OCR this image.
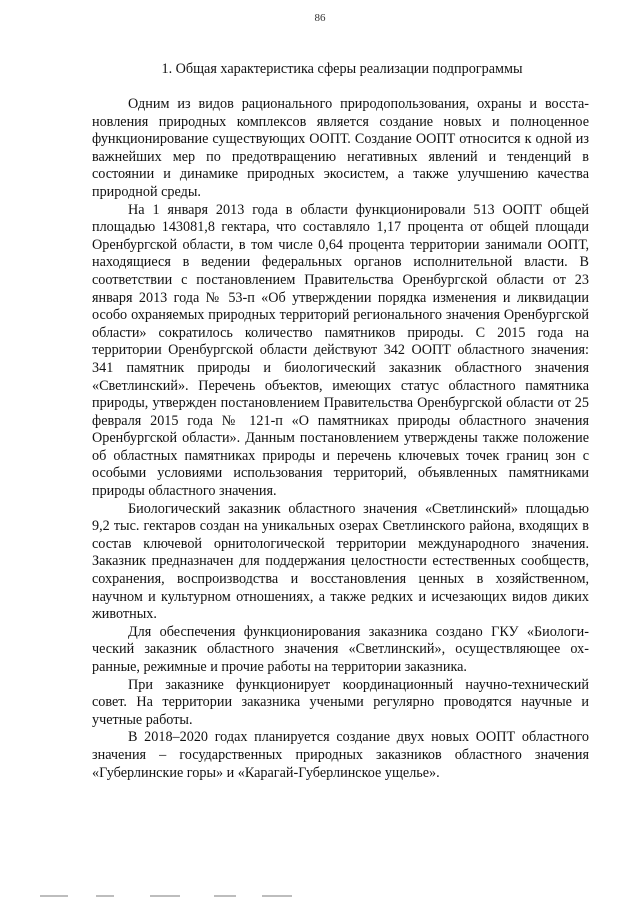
86
1. Общая характеристика сферы реализации подпрограммы

Одним из видов рационального природопользования, охраны и восстановления природных комплексов является создание новых и полноценное функционирование существующих ООПТ. Создание ООПТ относится к одной из важнейших мер по предотвращению негативных явлений и тенденций в состоянии и динамике природных экосистем, а также улучшению качества природной среды.

На 1 января 2013 года в области функционировали 513 ООПТ общей площадью 143081,8 гектара, что составляло 1,17 процента от общей площади Оренбургской области, в том числе 0,64 процента территории занимали ООПТ, находящиеся в ведении федеральных органов исполнительной власти. В соответствии с постановлением Правительства Оренбургской области от 23 января 2013 года № 53-п «Об утверждении порядка изменения и ликвидации особо охраняемых природных территорий регионального значения Оренбургской области» сократилось количество памятников природы. С 2015 года на территории Оренбургской области действуют 342 ООПТ областного значения: 341 памятник природы и биологический заказник областного значения «Светлинский». Перечень объектов, имеющих статус областного памятника природы, утвержден постановлением Правительства Оренбургской области от 25 февраля 2015 года № 121-п «О памятниках природы областного значения Оренбургской области». Данным постановлением утверждены также положение об областных памятниках природы и перечень ключевых точек границ зон с особыми условиями использования территорий, объявленных памятниками природы областного значения.

Биологический заказник областного значения «Светлинский» площадью 9,2 тыс. гектаров создан на уникальных озерах Светлинского района, входящих в состав ключевой орнитологической территории международного значения. Заказник предназначен для поддержания целостности естественных сообществ, сохранения, воспроизводства и восстановления ценных в хозяйственном, научном и культурном отношениях, а также редких и исчезающих видов диких животных.

Для обеспечения функционирования заказника создано ГКУ «Биологический заказник областного значения «Светлинский», осуществляющее охранные, режимные и прочие работы на территории заказника.

При заказнике функционирует координационный научно-технический совет. На территории заказника учеными регулярно проводятся научные и учетные работы.

В 2018–2020 годах планируется создание двух новых ООПТ областного значения – государственных природных заказников областного значения «Губерлинские горы» и «Карагай-Губерлинское ущелье».
